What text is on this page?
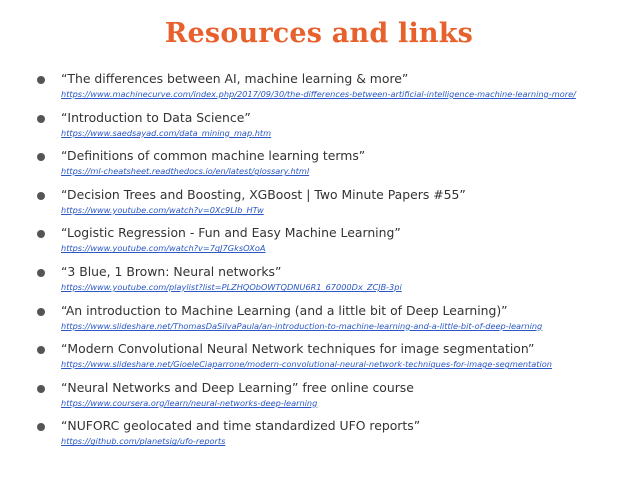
Resources and links
“The differences between AI, machine learning & more”
https://www.machinecurve.com/index.php/2017/09/30/the-differences-between-artificial-intelligence-machine-learning-more/
“Introduction to Data Science”
https://www.saedsayad.com/data_mining_map.htm
“Definitions of common machine learning terms”
https://ml-cheatsheet.readthedocs.io/en/latest/glossary.html
“Decision Trees and Boosting, XGBoost | Two Minute Papers #55”
https://www.youtube.com/watch?v=0Xc9LIb_HTw
“Logistic Regression - Fun and Easy Machine Learning”
https://www.youtube.com/watch?v=7qJ7GksOXoA
“3 Blue, 1 Brown: Neural networks”
https://www.youtube.com/playlist?list=PLZHQObOWTQDNU6R1_67000Dx_ZCJB-3pi
“An introduction to Machine Learning (and a little bit of Deep Learning)”
https://www.slideshare.net/ThomasDaSilvaPaula/an-introduction-to-machine-learning-and-a-little-bit-of-deep-learning
“Modern Convolutional Neural Network techniques for image segmentation”
https://www.slideshare.net/GioeleCiaparrone/modern-convolutional-neural-network-techniques-for-image-segmentation
“Neural Networks and Deep Learning” free online course
https://www.coursera.org/learn/neural-networks-deep-learning
“NUFORC geolocated and time standardized UFO reports”
https://github.com/planetsig/ufo-reports
